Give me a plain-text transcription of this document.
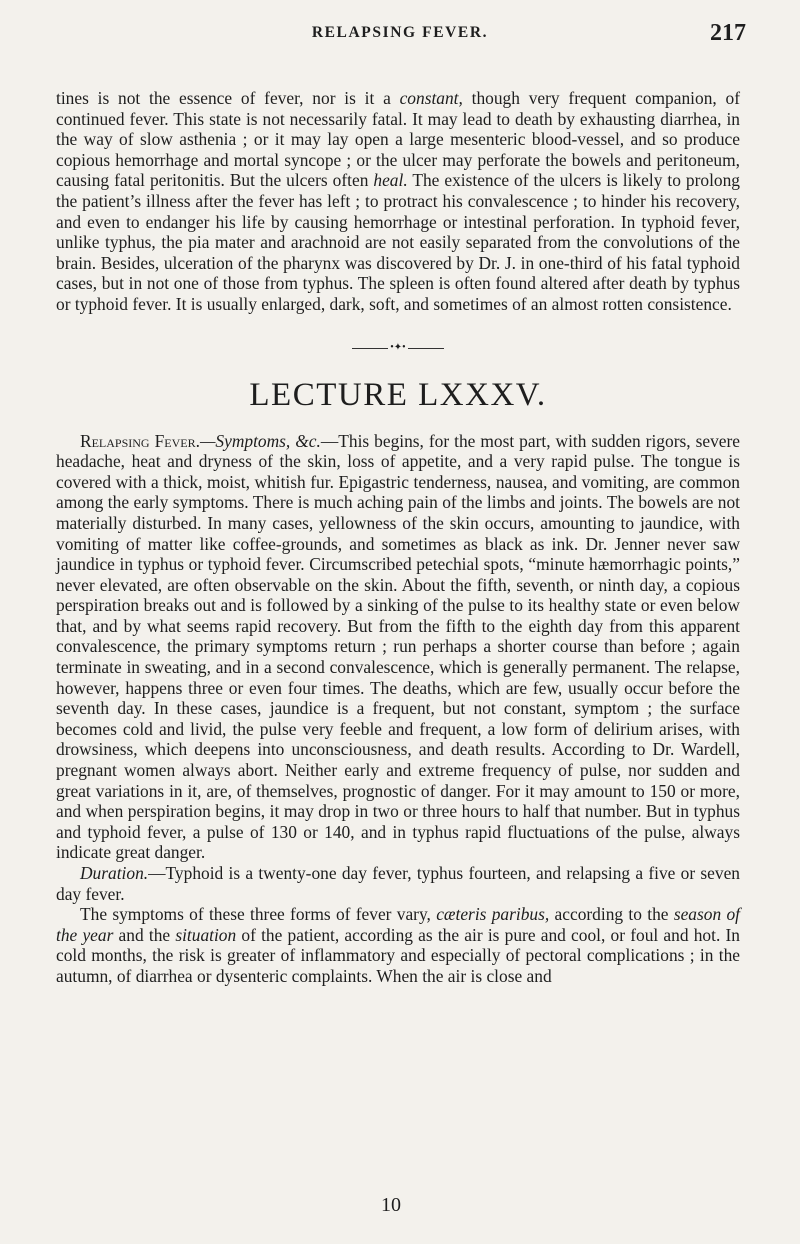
RELAPSING FEVER.	217

tines is not the essence of fever, nor is it a constant, though very frequent companion, of continued fever. This state is not necessarily fatal. It may lead to death by exhausting diarrhea, in the way of slow asthenia ; or it may lay open a large mesenteric blood-vessel, and so produce copious hemorrhage and mortal syncope ; or the ulcer may perforate the bowels and peritoneum, causing fatal peritonitis. But the ulcers often heal. The existence of the ulcers is likely to prolong the patient’s illness after the fever has left ; to protract his convalescence ; to hinder his recovery, and even to endanger his life by causing hemorrhage or intestinal perforation. In typhoid fever, unlike typhus, the pia mater and arachnoid are not easily separated from the convolutions of the brain. Besides, ulceration of the pharynx was discovered by Dr. J. in one-third of his fatal typhoid cases, but in not one of those from typhus. The spleen is often found altered after death by typhus or typhoid fever. It is usually enlarged, dark, soft, and sometimes of an almost rotten consistence.

•✦•
LECTURE LXXXV.

Relapsing Fever.—Symptoms, &c.—This begins, for the most part, with sudden rigors, severe headache, heat and dryness of the skin, loss of appetite, and a very rapid pulse. The tongue is covered with a thick, moist, whitish fur. Epigastric tenderness, nausea, and vomiting, are common among the early symptoms. There is much aching pain of the limbs and joints. The bowels are not materially disturbed. In many cases, yellowness of the skin occurs, amounting to jaundice, with vomiting of matter like coffee-grounds, and sometimes as black as ink. Dr. Jenner never saw jaundice in typhus or typhoid fever. Circumscribed petechial spots, “minute hæmorrhagic points,” never elevated, are often observable on the skin. About the fifth, seventh, or ninth day, a copious perspiration breaks out and is followed by a sinking of the pulse to its healthy state or even below that, and by what seems rapid recovery. But from the fifth to the eighth day from this apparent convalescence, the primary symptoms return ; run perhaps a shorter course than before ; again terminate in sweating, and in a second convalescence, which is generally permanent. The relapse, however, happens three or even four times. The deaths, which are few, usually occur before the seventh day. In these cases, jaundice is a frequent, but not constant, symptom ; the surface becomes cold and livid, the pulse very feeble and frequent, a low form of delirium arises, with drowsiness, which deepens into unconsciousness, and death results. According to Dr. Wardell, pregnant women always abort. Neither early and extreme frequency of pulse, nor sudden and great variations in it, are, of themselves, prognostic of danger. For it may amount to 150 or more, and when perspiration begins, it may drop in two or three hours to half that number. But in typhus and typhoid fever, a pulse of 130 or 140, and in typhus rapid fluctuations of the pulse, always indicate great danger.

Duration.—Typhoid is a twenty-one day fever, typhus fourteen, and relapsing a five or seven day fever.

The symptoms of these three forms of fever vary, cæteris paribus, according to the season of the year and the situation of the patient, according as the air is pure and cool, or foul and hot. In cold months, the risk is greater of inflammatory and especially of pectoral complications ; in the autumn, of diarrhea or dysenteric complaints. When the air is close and

10
